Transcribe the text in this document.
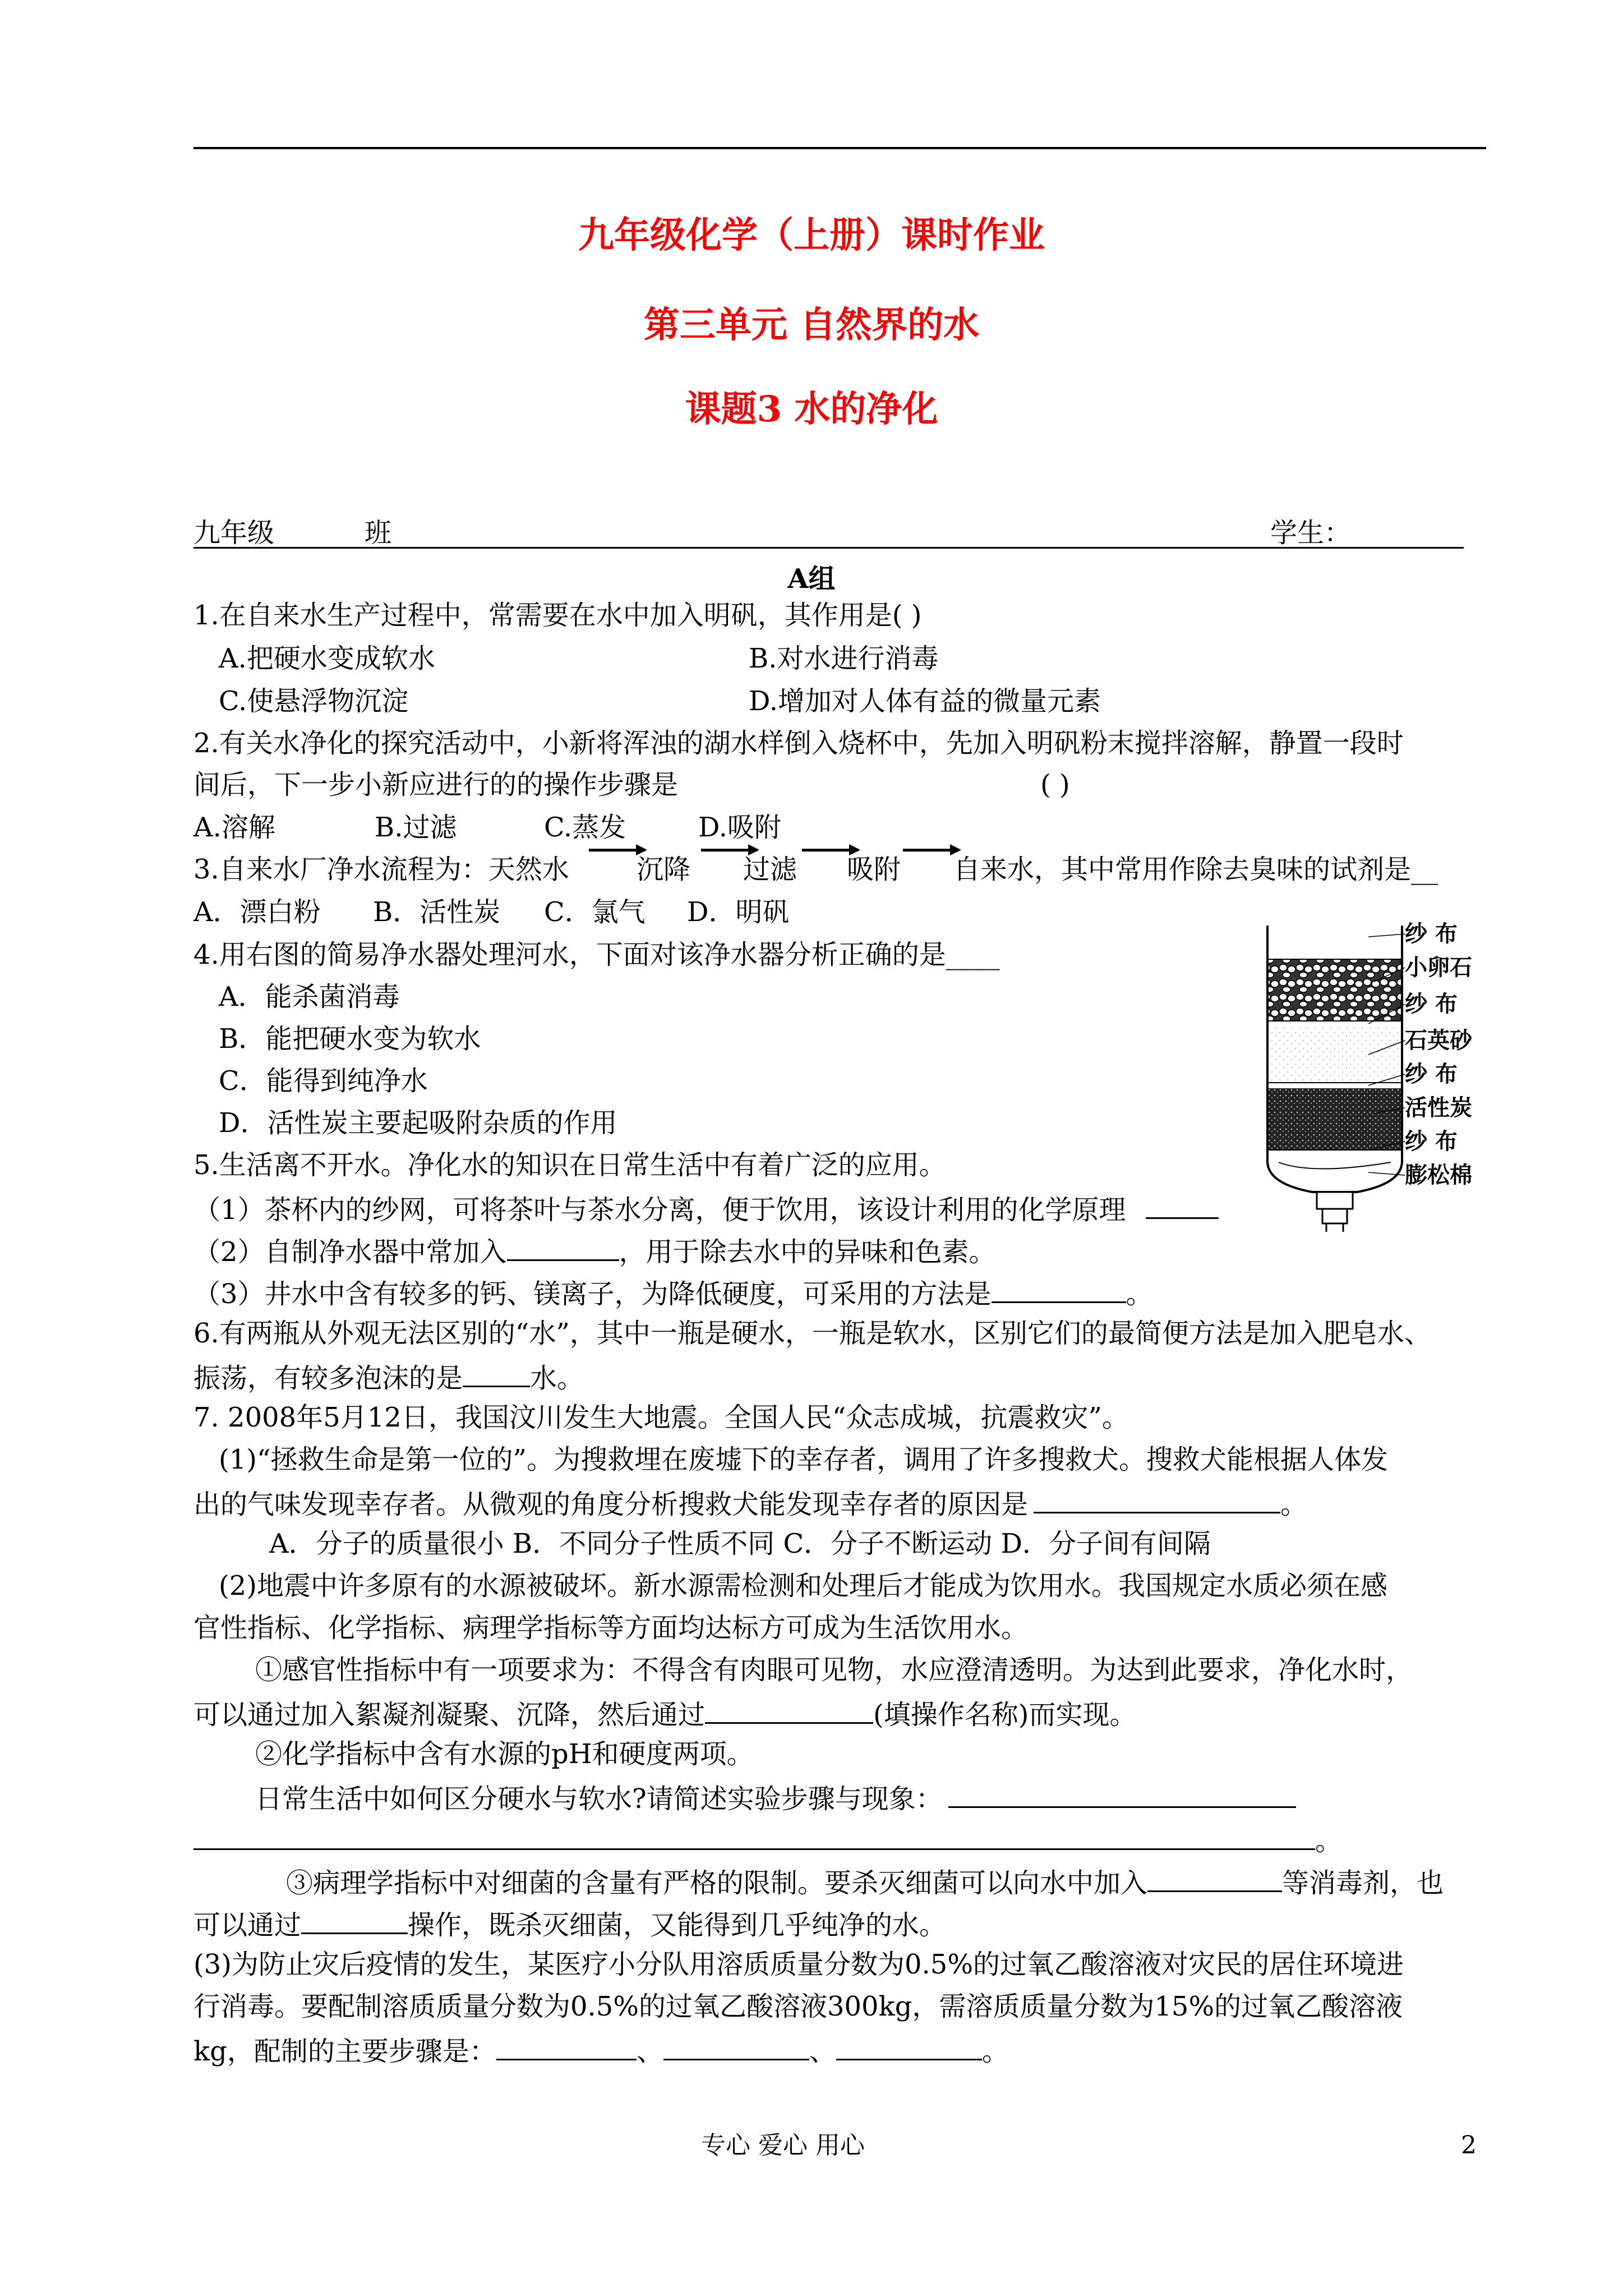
九年级化学（上册）课时作业
第三单元 自然界的水
课题3 水的净化
九年级	班	学生：
A组
1.在自来水生产过程中，常需要在水中加入明矾，其作用是( )
A.把硬水变成软水	B.对水进行消毒
C.使悬浮物沉淀	D.增加对人体有益的微量元素
2.有关水净化的探究活动中，小新将浑浊的湖水样倒入烧杯中，先加入明矾粉末搅拌溶解，静置一段时
间后，下一步小新应进行的的操作步骤是	( )
A.溶解	B.过滤	C.蒸发	D.吸附
3.自来水厂净水流程为：天然水	沉降 过滤 吸附 自来水，其中常用作除去臭味的试剂是__
A．漂白粉 B．活性炭 C．氯气 D．明矾
4.用右图的简易净水器处理河水，下面对该净水器分析正确的是____
A．能杀菌消毒
B．能把硬水变为软水
C．能得到纯净水
D．活性炭主要起吸附杂质的作用
纱 布
小卵石
纱 布
石英砂
纱 布
活性炭
纱 布
膨松棉
5.生活离不开水。净化水的知识在日常生活中有着广泛的应用。
（1）茶杯内的纱网，可将茶叶与茶水分离，便于饮用，该设计利用的化学原理
（2）自制净水器中常加入	，用于除去水中的异味和色素。
（3）井水中含有较多的钙、镁离子，为降低硬度，可采用的方法是	。
6.有两瓶从外观无法区别的“水”，其中一瓶是硬水，一瓶是软水，区别它们的最简便方法是加入肥皂水、
振荡，有较多泡沫的是	水。
7. 2008年5月12日，我国汶川发生大地震。全国人民“众志成城，抗震救灾”。
(1)“拯救生命是第一位的”。为搜救埋在废墟下的幸存者，调用了许多搜救犬。搜救犬能根据人体发
出的气味发现幸存者。从微观的角度分析搜救犬能发现幸存者的原因是	。
A．分子的质量很小 B．不同分子性质不同 C．分子不断运动 D．分子间有间隔
(2)地震中许多原有的水源被破坏。新水源需检测和处理后才能成为饮用水。我国规定水质必须在感
官性指标、化学指标、病理学指标等方面均达标方可成为生活饮用水。
①感官性指标中有一项要求为：不得含有肉眼可见物，水应澄清透明。为达到此要求，净化水时，
可以通过加入絮凝剂凝聚、沉降，然后通过	(填操作名称)而实现。
②化学指标中含有水源的pH和硬度两项。
日常生活中如何区分硬水与软水?请简述实验步骤与现象：
。
③病理学指标中对细菌的含量有严格的限制。要杀灭细菌可以向水中加入	等消毒剂，也
可以通过	操作，既杀灭细菌，又能得到几乎纯净的水。
(3)为防止灾后疫情的发生，某医疗小分队用溶质质量分数为0.5%的过氧乙酸溶液对灾民的居住环境进
行消毒。要配制溶质质量分数为0.5%的过氧乙酸溶液300kg，需溶质质量分数为15%的过氧乙酸溶液
kg，配制的主要步骤是：	、	、	。
专心 爱心 用心	2
